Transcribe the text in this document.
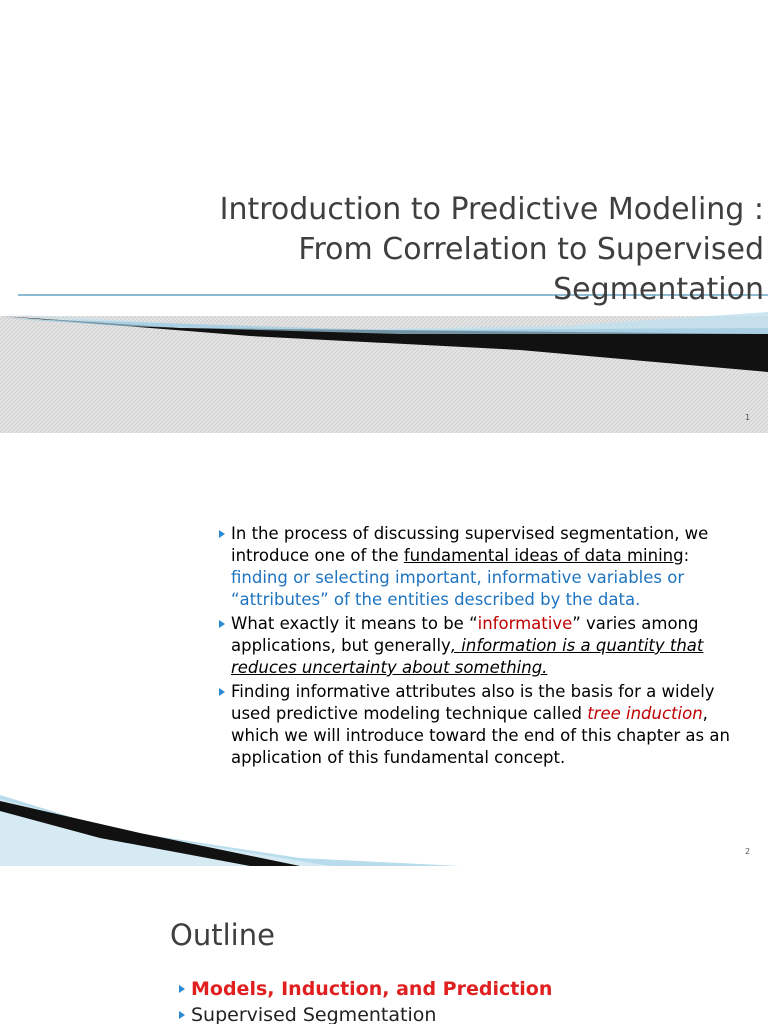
Introduction to Predictive Modeling :
From Correlation to Supervised
Segmentation
1
In the process of discussing supervised segmentation, we
introduce one of the fundamental ideas of data mining:
finding or selecting important, informative variables or
“attributes” of the entities described by the data.
What exactly it means to be “informative” varies among
applications, but generally, information is a quantity that
reduces uncertainty about something.
Finding informative attributes also is the basis for a widely
used predictive modeling technique called tree induction,
which we will introduce toward the end of this chapter as an
application of this fundamental concept.
2
Outline
Models, Induction, and Prediction
Supervised Segmentation
